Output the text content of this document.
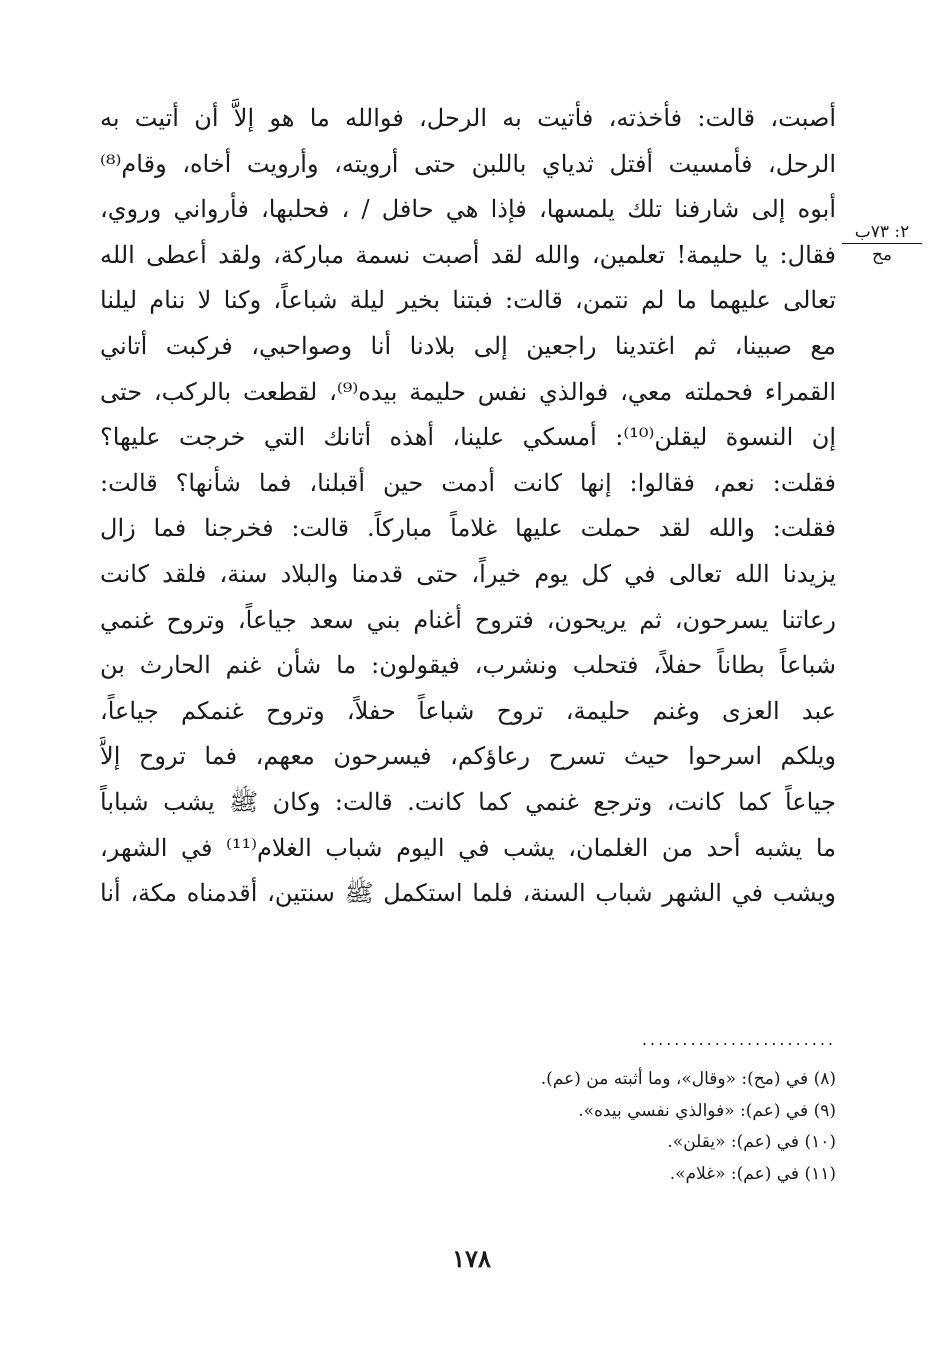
أصبت، قالت: فأخذته، فأتيت به الرحل، فوالله ما هو إلاَّ أن أتيت به
الرحل، فأمسيت أفتل ثدياي باللبن حتى أرويته، وأرويت أخاه، وقام⁽⁸⁾
أبوه إلى شارفنا تلك يلمسها، فإذا هي حافل / ، فحلبها، فأرواني وروي،
فقال: يا حليمة! تعلمين، والله لقد أصبت نسمة مباركة، ولقد أعطى الله
تعالى عليهما ما لم نتمن، قالت: فبتنا بخير ليلة شباعاً، وكنا لا ننام ليلنا
مع صبينا، ثم اغتدينا راجعين إلى بلادنا أنا وصواحبي، فركبت أتاني
القمراء فحملته معي، فوالذي نفس حليمة بيده⁽⁹⁾، لقطعت بالركب، حتى
إن النسوة ليقلن⁽¹⁰⁾: أمسكي علينا، أهذه أتانك التي خرجت عليها؟
فقلت: نعم، فقالوا: إنها كانت أدمت حين أقبلنا، فما شأنها؟ قالت:
فقلت: والله لقد حملت عليها غلاماً مباركاً. قالت: فخرجنا فما زال
يزيدنا الله تعالى في كل يوم خيراً، حتى قدمنا والبلاد سنة، فلقد كانت
رعاتنا يسرحون، ثم يريحون، فتروح أغنام بني سعد جياعاً، وتروح غنمي
شباعاً بطاناً حفلاً، فتحلب ونشرب، فيقولون: ما شأن غنم الحارث بن
عبد العزى وغنم حليمة، تروح شباعاً حفلاً، وتروح غنمكم جياعاً،
ويلكم اسرحوا حيث تسرح رعاؤكم، فيسرحون معهم، فما تروح إلاَّ
جياعاً كما كانت، وترجع غنمي كما كانت. قالت: وكان ﷺ يشب شباباً
ما يشبه أحد من الغلمان، يشب في اليوم شباب الغلام⁽¹¹⁾ في الشهر،
ويشب في الشهر شباب السنة، فلما استكمل ﷺ سنتين، أقدمناه مكة، أنا
٢: ٧٣ب
مح
........................
(٨) في (مح): «وقال»، وما أثبته من (عم).
(٩) في (عم): «فوالذي نفسي بيده».
(١٠) في (عم): «يقلن».
(١١) في (عم): «غلام».
١٧٨
